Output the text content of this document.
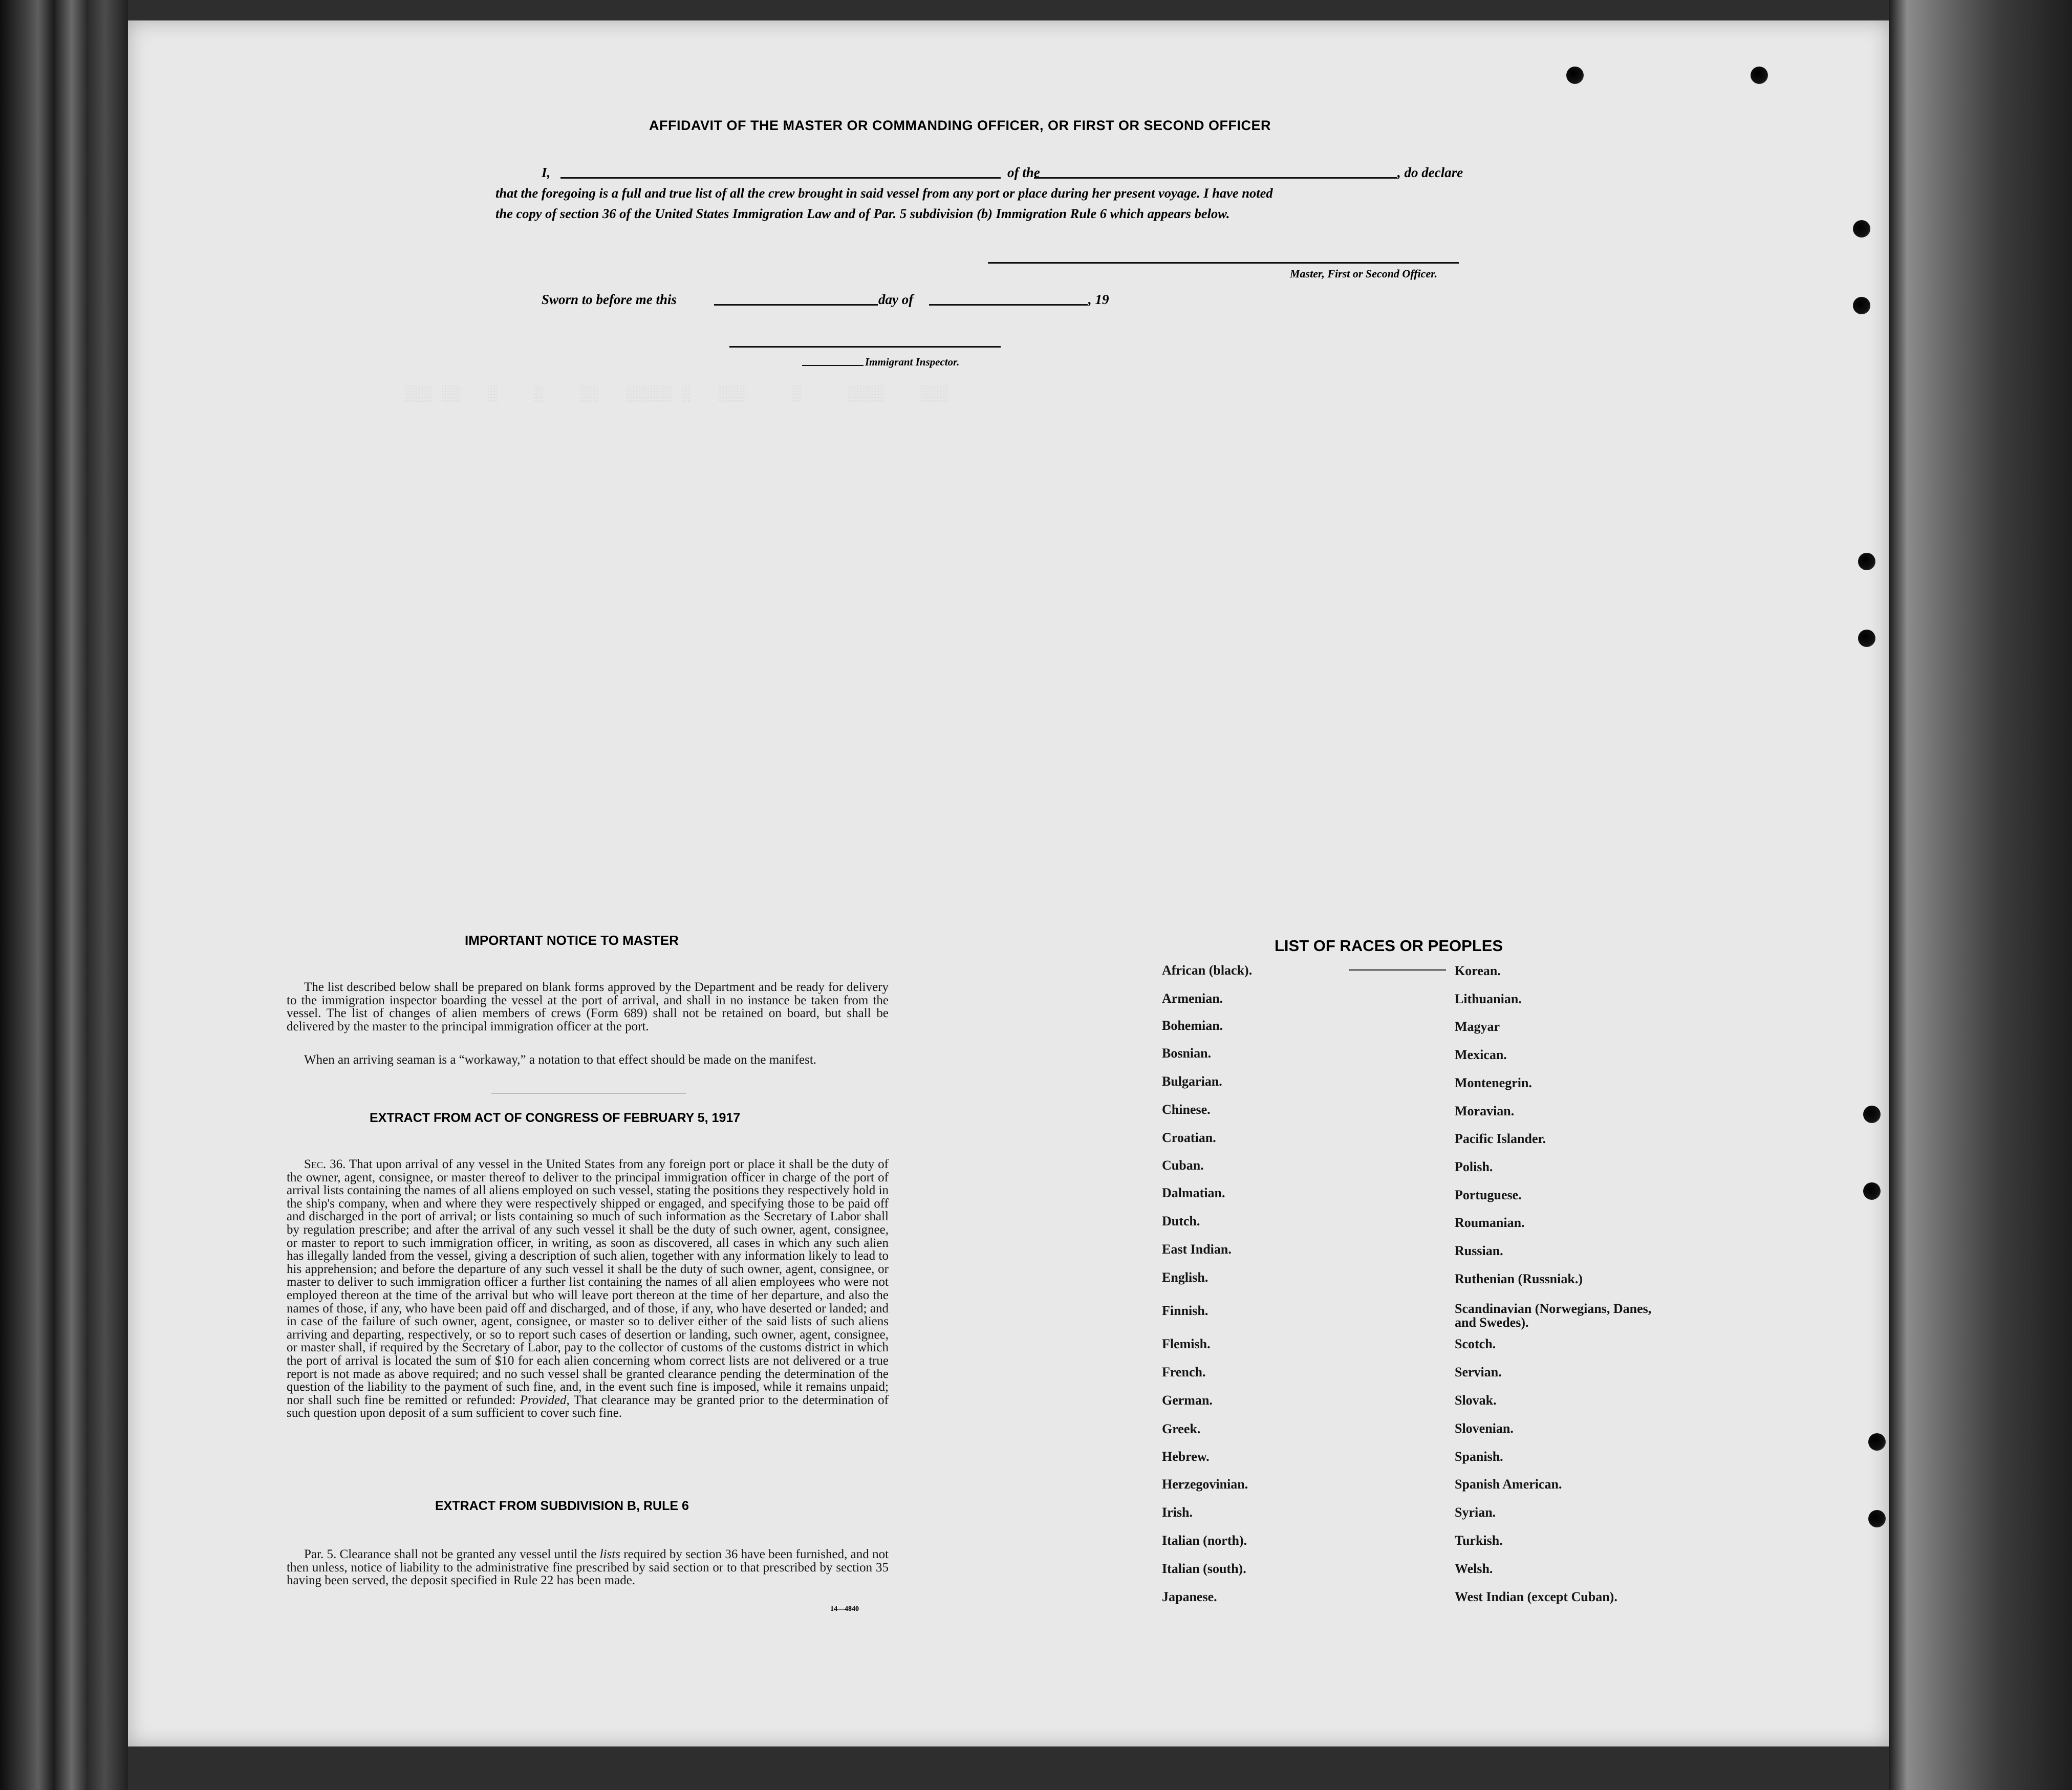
░░░ ░░   ░    ░    ░░   ░░░░░ ░   ░░░     ░     ░░░░    ░░░

AFFIDAVIT OF THE MASTER OR COMMANDING OFFICER, OR FIRST OR SECOND OFFICER
I,	of the	, do declare
that the foregoing is a full and true list of all the crew brought in said vessel from any port or place during her present voyage. I have noted
the copy of section 36 of the United States Immigration Law and of Par. 5 subdivision (b) Immigration Rule 6 which appears below.
Master, First or Second Officer.
Sworn to before me this	day of	, 19
Immigrant Inspector.
IMPORTANT NOTICE TO MASTER
The list described below shall be prepared on blank forms approved by the Department and be ready for delivery to the immigration inspector boarding the vessel at the port of arrival, and shall in no instance be taken from the vessel. The list of changes of alien members of crews (Form 689) shall not be retained on board, but shall be delivered by the master to the principal immigration officer at the port.
When an arriving seaman is a “workaway,” a notation to that effect should be made on the manifest.
EXTRACT FROM ACT OF CONGRESS OF FEBRUARY 5, 1917
Sec. 36. That upon arrival of any vessel in the United States from any foreign port or place it shall be the duty of the owner, agent, consignee, or master thereof to deliver to the principal immigration officer in charge of the port of arrival lists containing the names of all aliens employed on such vessel, stating the positions they respectively hold in the ship's company, when and where they were respectively shipped or engaged, and specifying those to be paid off and discharged in the port of arrival; or lists containing so much of such information as the Secretary of Labor shall by regulation prescribe; and after the arrival of any such vessel it shall be the duty of such owner, agent, consignee, or master to report to such immigration officer, in writing, as soon as discovered, all cases in which any such alien has illegally landed from the vessel, giving a description of such alien, together with any information likely to lead to his apprehension; and before the departure of any such vessel it shall be the duty of such owner, agent, consignee, or master to deliver to such immigration officer a further list containing the names of all alien employees who were not employed thereon at the time of the arrival but who will leave port thereon at the time of her departure, and also the names of those, if any, who have been paid off and discharged, and of those, if any, who have deserted or landed; and in case of the failure of such owner, agent, consignee, or master so to deliver either of the said lists of such aliens arriving and departing, respectively, or so to report such cases of desertion or landing, such owner, agent, consignee, or master shall, if required by the Secretary of Labor, pay to the collector of customs of the customs district in which the port of arrival is located the sum of $10 for each alien concerning whom correct lists are not delivered or a true report is not made as above required; and no such vessel shall be granted clearance pending the determination of the question of the liability to the payment of such fine, and, in the event such fine is imposed, while it remains unpaid; nor shall such fine be remitted or refunded: Provided, That clearance may be granted prior to the determination of such question upon deposit of a sum sufficient to cover such fine.
EXTRACT FROM SUBDIVISION B, RULE 6
Par. 5. Clearance shall not be granted any vessel until the lists required by section 36 have been furnished, and not then unless, notice of liability to the administrative fine prescribed by said section or to that prescribed by section 35 having been served, the deposit specified in Rule 22 has been made.
14—4840
LIST OF RACES OR PEOPLES
African (black).
Armenian.
Bohemian.
Bosnian.
Bulgarian.
Chinese.
Croatian.
Cuban.
Dalmatian.
Dutch.
East Indian.
English.
Finnish.
Flemish.
French.
German.
Greek.
Hebrew.
Herzegovinian.
Irish.
Italian (north).
Italian (south).
Japanese.
Korean.
Lithuanian.
Magyar
Mexican.
Montenegrin.
Moravian.
Pacific Islander.
Polish.
Portuguese.
Roumanian.
Russian.
Ruthenian (Russniak.)
Scandinavian (Norwegians, Danes, and Swedes).
Scotch.
Servian.
Slovak.
Slovenian.
Spanish.
Spanish American.
Syrian.
Turkish.
Welsh.
West Indian (except Cuban).
